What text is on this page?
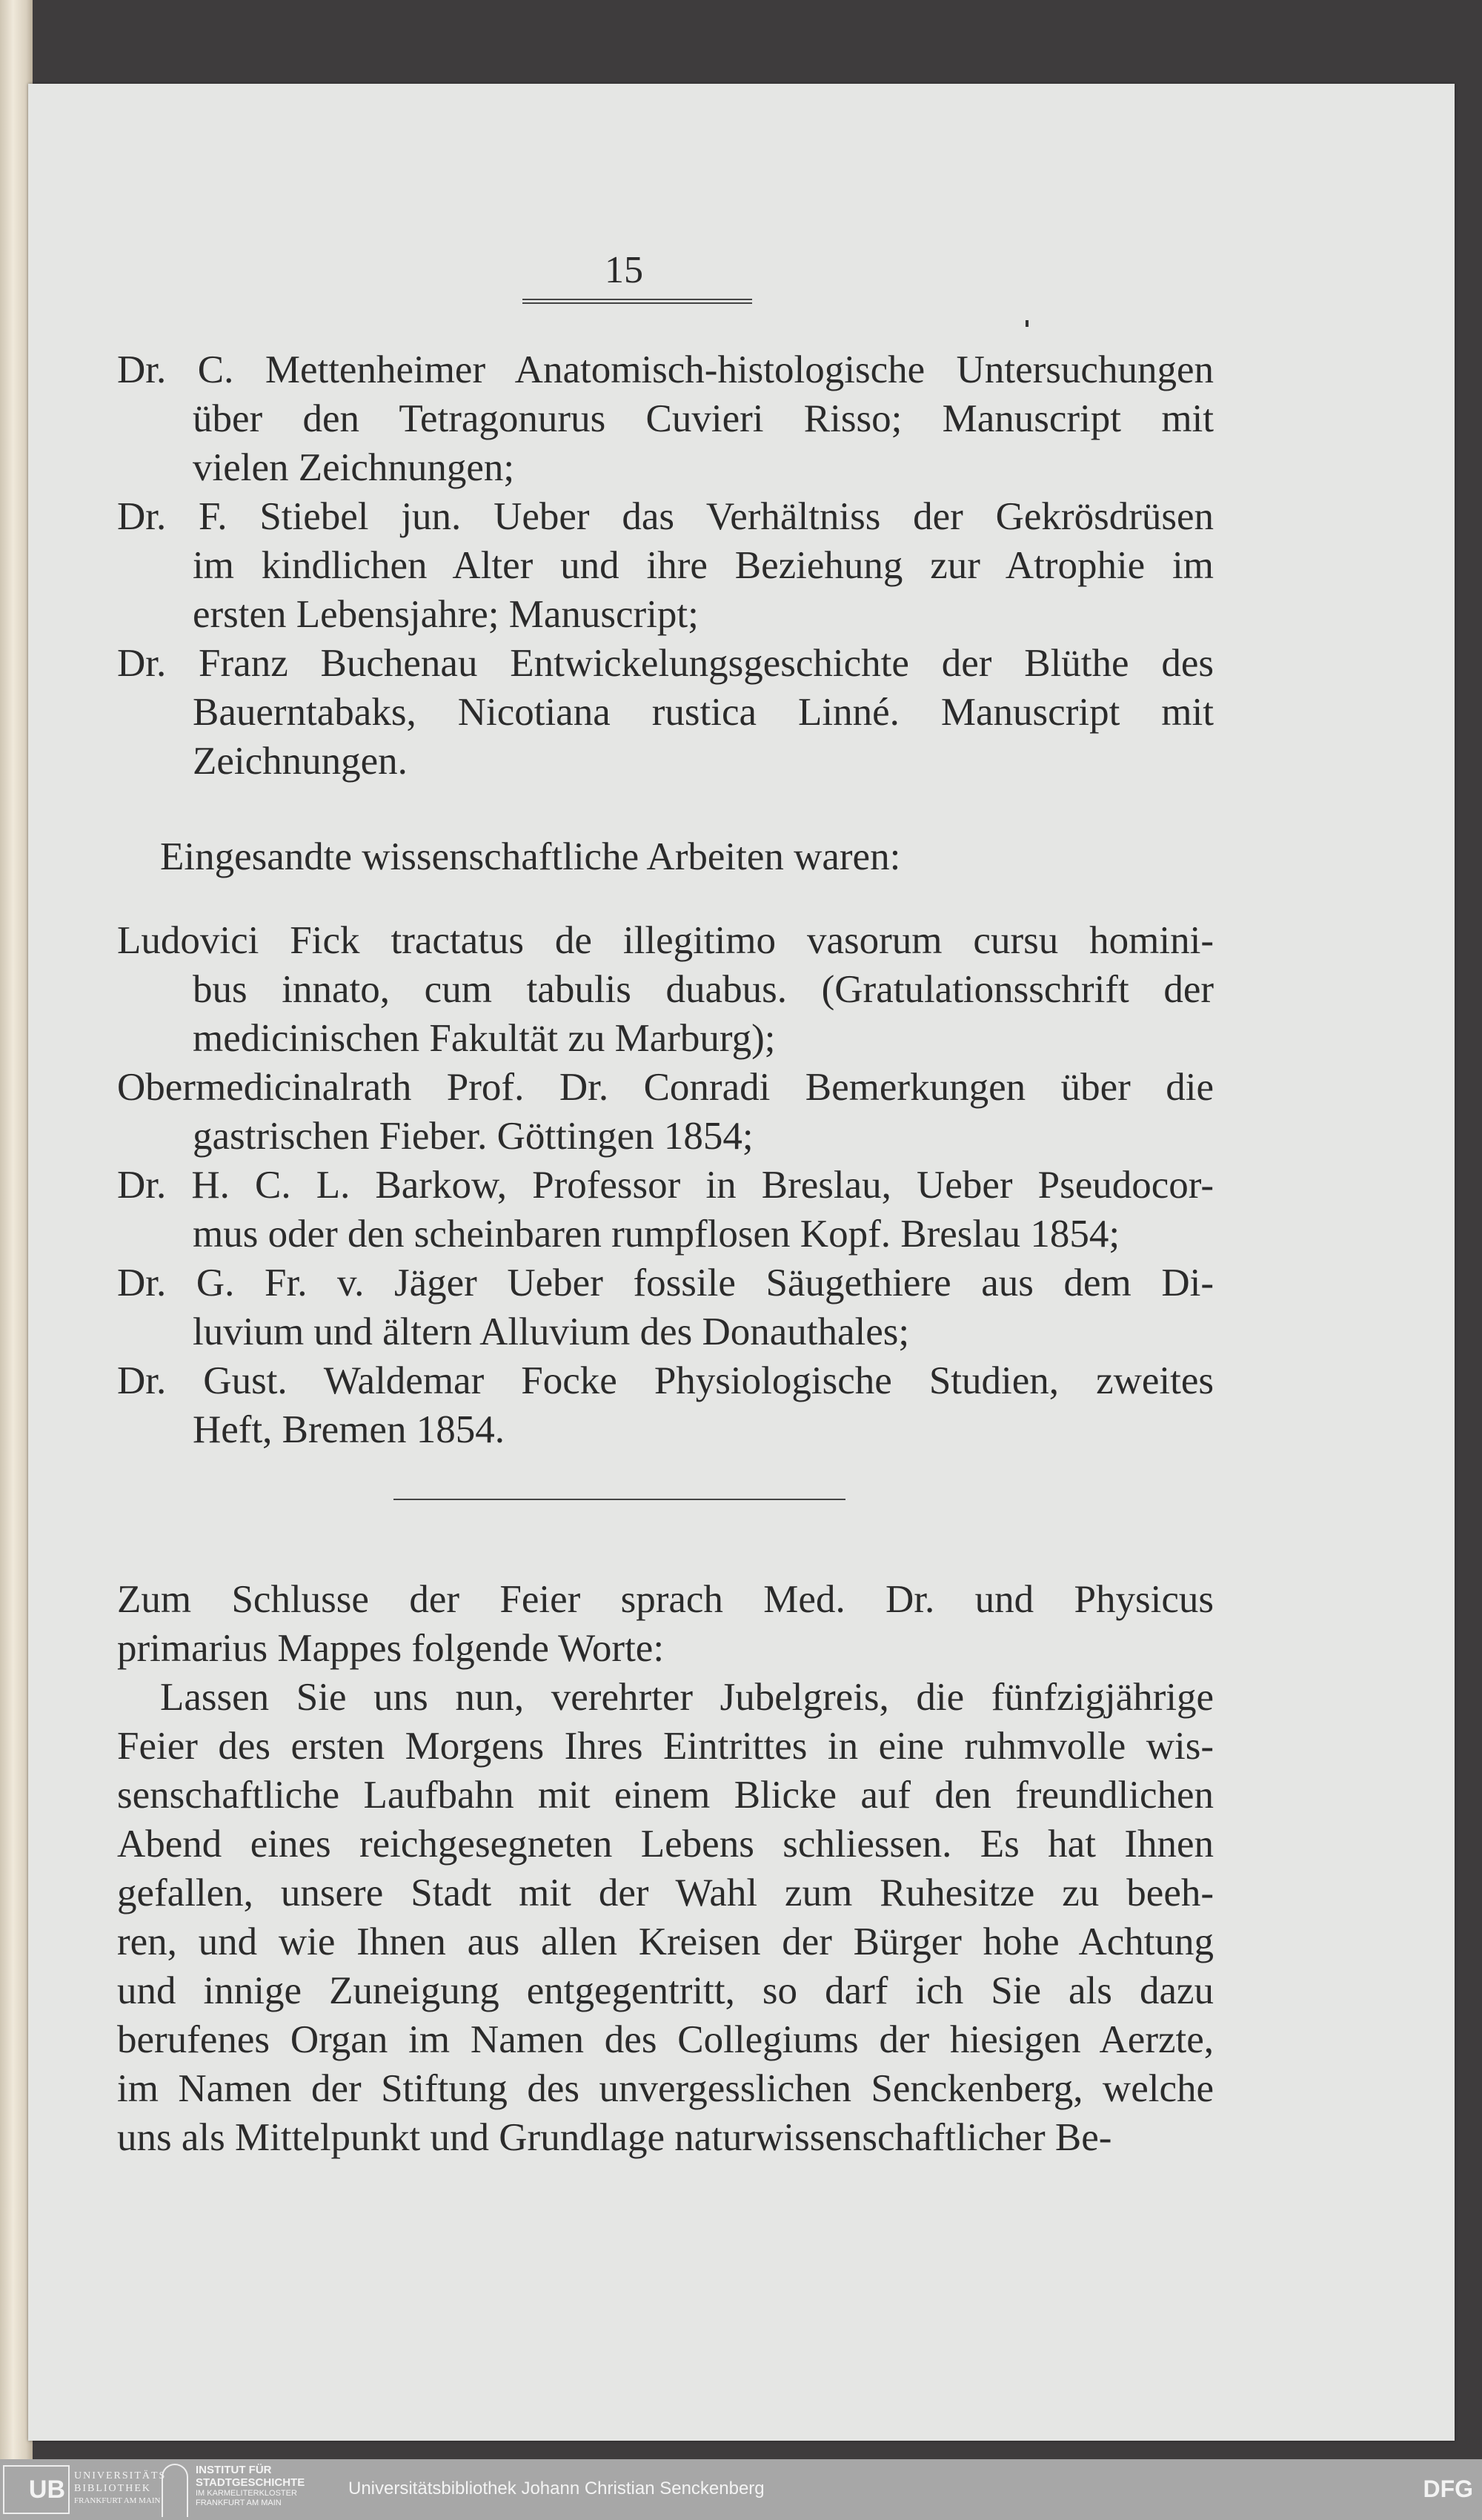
15
Dr. C. Mettenheimer Anatomisch-histologische Untersuchungen
über den Tetragonurus Cuvieri Risso; Manuscript mit
vielen Zeichnungen;
Dr. F. Stiebel jun. Ueber das Verhältniss der Gekrösdrüsen
im kindlichen Alter und ihre Beziehung zur Atrophie im
ersten Lebensjahre; Manuscript;
Dr. Franz Buchenau Entwickelungsgeschichte der Blüthe des
Bauerntabaks, Nicotiana rustica Linné. Manuscript mit
Zeichnungen.
Eingesandte wissenschaftliche Arbeiten waren:
Ludovici Fick tractatus de illegitimo vasorum cursu homini-
bus innato, cum tabulis duabus. (Gratulationsschrift der
medicinischen Fakultät zu Marburg);
Obermedicinalrath Prof. Dr. Conradi Bemerkungen über die
gastrischen Fieber. Göttingen 1854;
Dr. H. C. L. Barkow, Professor in Breslau, Ueber Pseudocor-
mus oder den scheinbaren rumpflosen Kopf. Breslau 1854;
Dr. G. Fr. v. Jäger Ueber fossile Säugethiere aus dem Di-
luvium und ältern Alluvium des Donauthales;
Dr. Gust. Waldemar Focke Physiologische Studien, zweites
Heft, Bremen 1854.
Zum Schlusse der Feier sprach Med. Dr. und Physicus
primarius Mappes folgende Worte:
Lassen Sie uns nun, verehrter Jubelgreis, die fünfzigjährige
Feier des ersten Morgens Ihres Eintrittes in eine ruhmvolle wis-
senschaftliche Laufbahn mit einem Blicke auf den freundlichen
Abend eines reichgesegneten Lebens schliessen. Es hat Ihnen
gefallen, unsere Stadt mit der Wahl zum Ruhesitze zu beeh-
ren, und wie Ihnen aus allen Kreisen der Bürger hohe Achtung
und innige Zuneigung entgegentritt, so darf ich Sie als dazu
berufenes Organ im Namen des Collegiums der hiesigen Aerzte,
im Namen der Stiftung des unvergesslichen Senckenberg, welche
uns als Mittelpunkt und Grundlage naturwissenschaftlicher Be-
UB UNIVERSITÄTS
BIBLIOTHEK
FRANKFURT AM MAIN
INSTITUT FÜR
STADTGESCHICHTE
IM KARMELITERKLOSTER
FRANKFURT AM MAIN
Universitätsbibliothek Johann Christian Senckenberg	DFG
